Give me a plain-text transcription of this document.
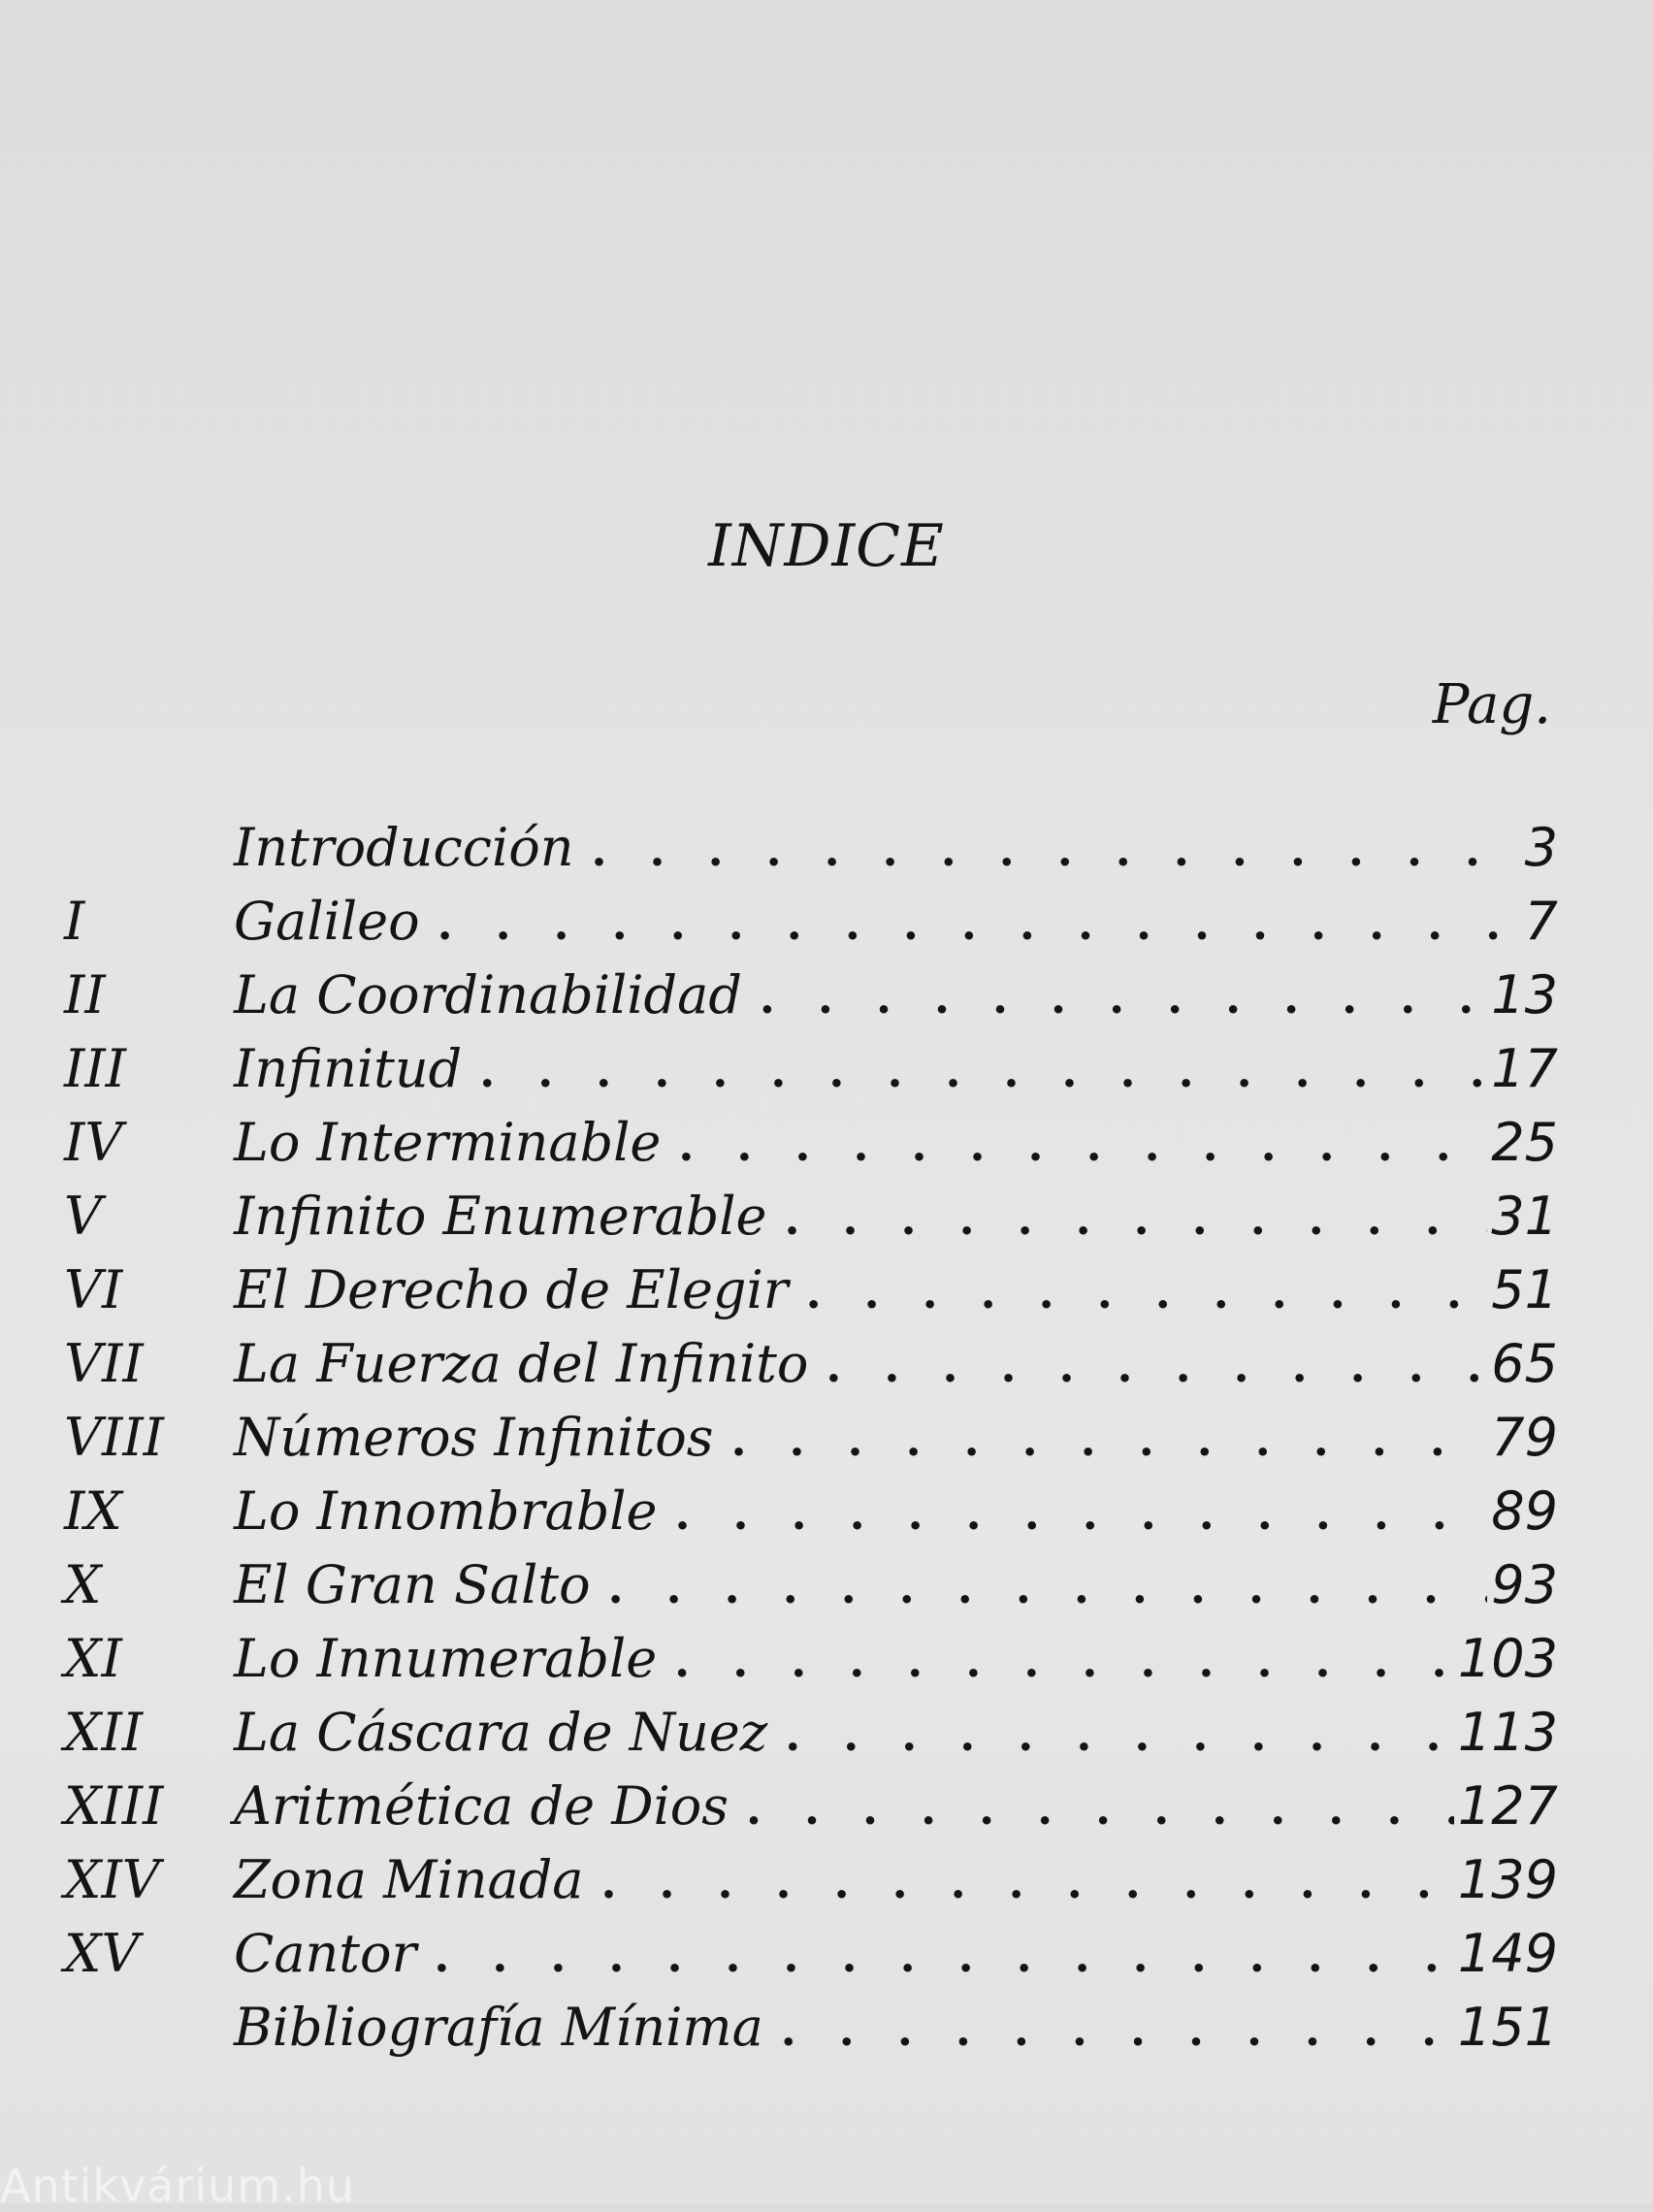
INDICE
Pag.
Introducción . . .	3
I	Galileo . . .	7
II	La Coordinabilidad . . .	13
III	Infinitud . . .	17
IV	Lo Interminable . . .	25
V	Infinito Enumerable . . .	31
VI	El Derecho de Elegir . . .	51
VII	La Fuerza del Infinito . . .	65
VIII	Números Infinitos . . .	79
IX	Lo Innombrable . . .	89
X	El Gran Salto . . .	93
XI	Lo Innumerable . . .	103
XII	La Cáscara de Nuez . . .	113
XIII	Aritmética de Dios . . .	127
XIV	Zona Minada . . .	139
XV	Cantor . . .	149
Bibliografía Mínima . . .	151
Antikvárium.hu
